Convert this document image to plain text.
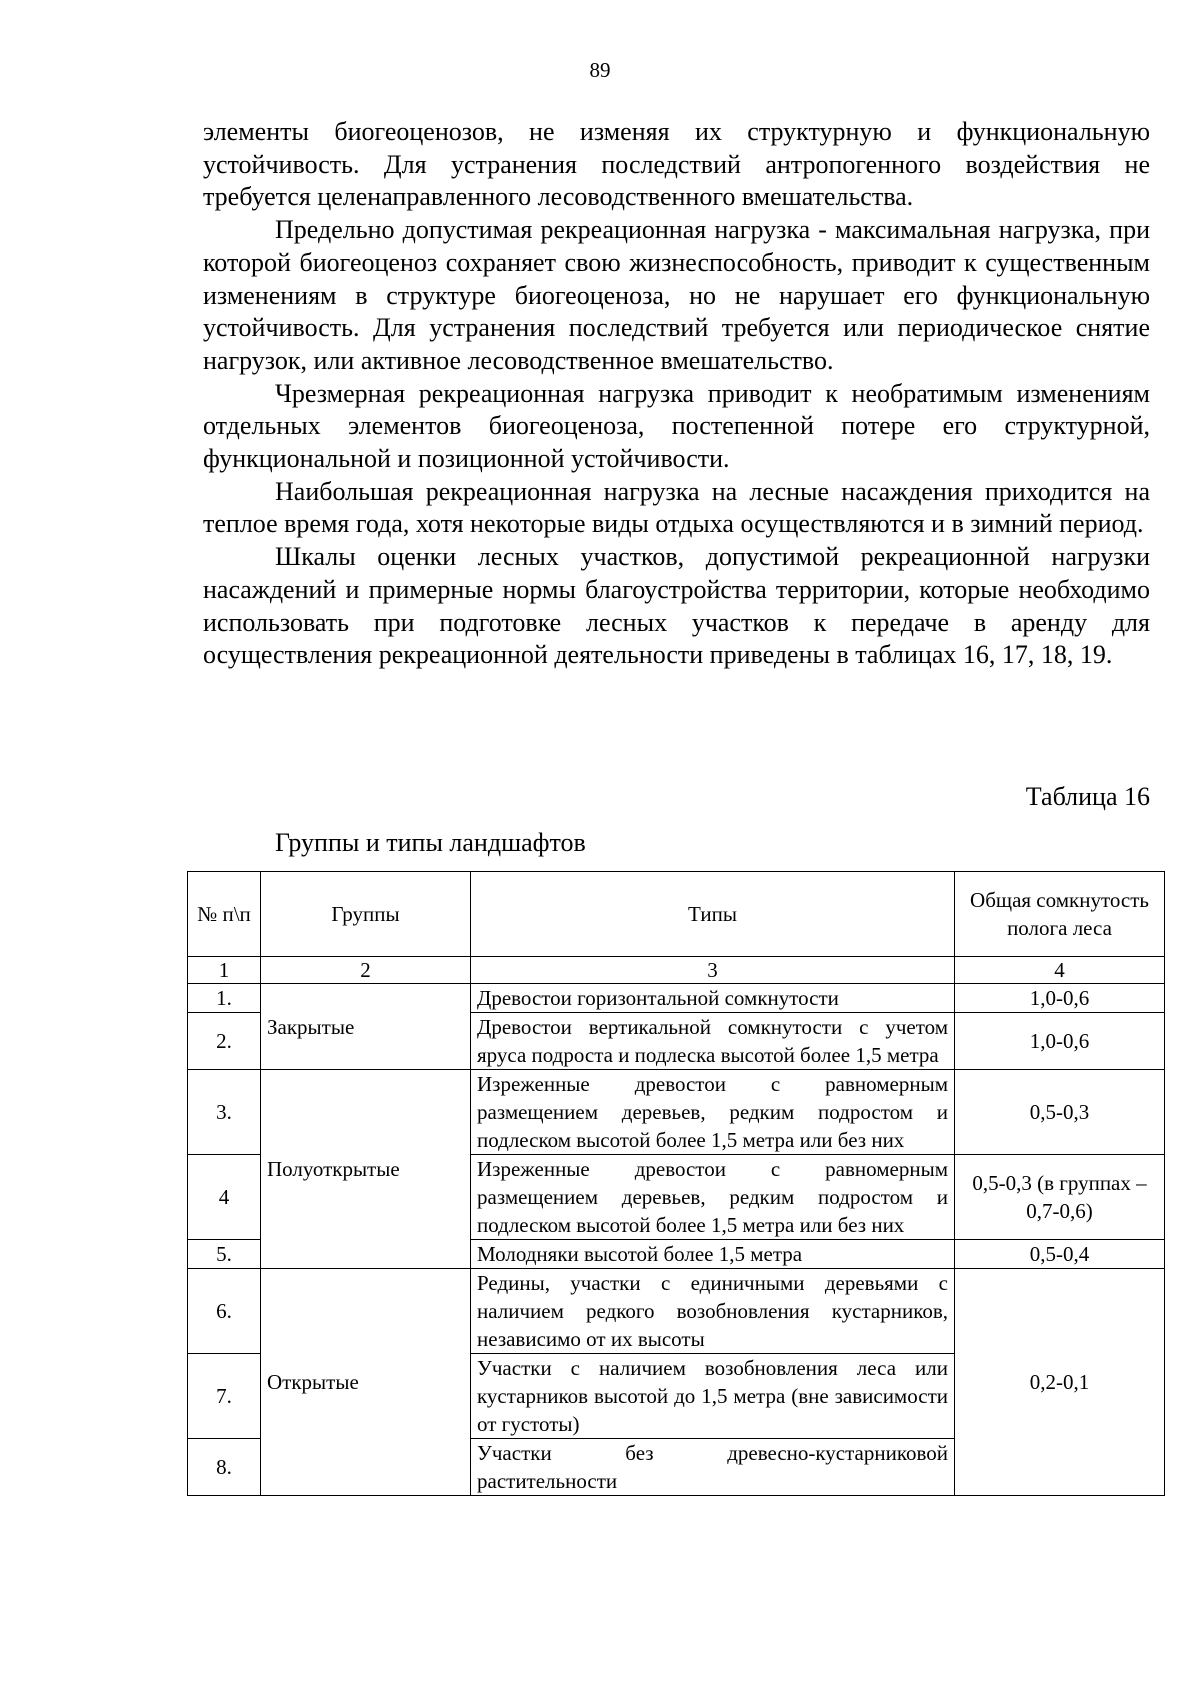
89

элементы биогеоценозов, не изменяя их структурную и функциональную устойчивость. Для устранения последствий антропогенного воздействия не требуется целенаправленного лесоводственного вмешательства.

Предельно допустимая рекреационная нагрузка - максимальная нагрузка, при которой биогеоценоз сохраняет свою жизнеспособность, приводит к существенным изменениям в структуре биогеоценоза, но не нарушает его функциональную устойчивость. Для устранения последствий требуется или периодическое снятие нагрузок, или активное лесоводственное вмешательство.

Чрезмерная рекреационная нагрузка приводит к необратимым изменениям отдельных элементов биогеоценоза, постепенной потере его структурной, функциональной и позиционной устойчивости.

Наибольшая рекреационная нагрузка на лесные насаждения приходится на теплое время года, хотя некоторые виды отдыха осуществляются и в зимний период.

Шкалы оценки лесных участков, допустимой рекреационной нагрузки насаждений и примерные нормы благоустройства территории, которые необходимо использовать при подготовке лесных участков к передаче в аренду для осуществления рекреационной деятельности приведены в таблицах 16, 17, 18, 19.

Таблица 16
Группы и типы ландшафтов
№ п\п	Группы	Типы	Общая сомкнутость полога леса
1	2	3	4
1.	Закрытые	Древостои горизонтальной сомкнутости	1,0-0,6
2.		Древостои вертикальной сомкнутости с учетом яруса подроста и подлеска высотой более 1,5 метра	1,0-0,6
3.	Полуоткрытые	Изреженные древостои с равномерным размещением деревьев, редким подростом и подлеском высотой более 1,5 метра или без них	0,5-0,3
4		Изреженные древостои с равномерным размещением деревьев, редким подростом и подлеском высотой более 1,5 метра или без них	0,5-0,3 (в группах – 0,7-0,6)
5.		Молодняки высотой более 1,5 метра	0,5-0,4
6.	Открытые	Редины, участки с единичными деревьями с наличием редкого возобновления кустарников, независимо от их высоты	0,2-0,1
7.		Участки с наличием возобновления леса или кустарников высотой до 1,5 метра (вне зависимости от густоты)	
8.		Участки без древесно-кустарниковой растительности	
